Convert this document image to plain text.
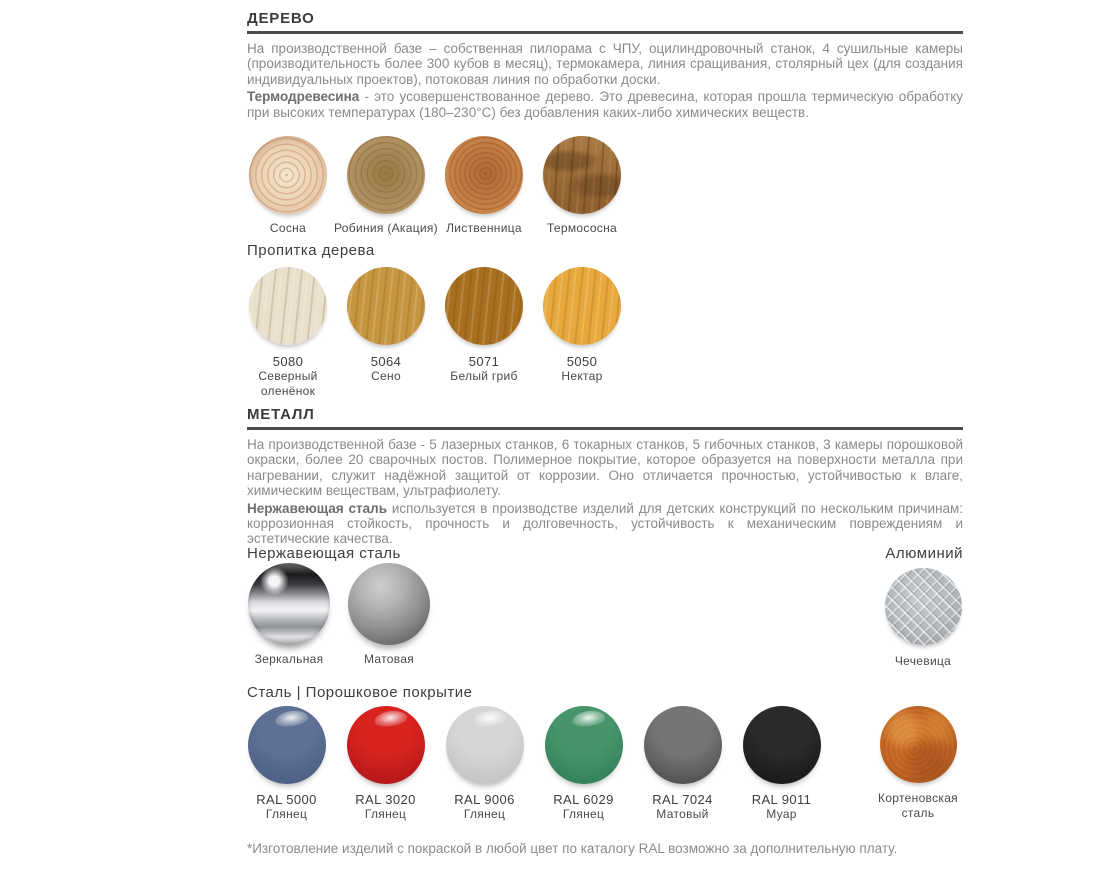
ДЕРЕВО

На производственной базе – собственная пилорама с ЧПУ, оцилиндровочный станок, 4 сушильные камеры (производительность более 300 кубов в месяц), термокамера, линия сращивания, столярный цех (для создания индивидуальных проектов), потоковая линия по обработки доски.

Термодревесина - это усовершенствованное дерево. Это древесина, которая прошла термическую обработку при высоких температурах (180–230°С) без добавления каких-либо химических веществ.

Сосна Робиния (Акация) Лиственница Термососна
Пропитка дерева
5080
Северный оленёнок
5064
Сено
5071
Белый гриб
5050
Нектар
МЕТАЛЛ

На производственной базе - 5 лазерных станков, 6 токарных станков, 5 гибочных станков, 3 камеры порошковой окраски, более 20 сварочных постов. Полимерное покрытие, которое образуется на поверхности металла при нагревании, служит надёжной защитой от коррозии. Оно отличается прочностью, устойчивостью к влаге, химическим веществам, ультрафиолету.

Нержавеющая сталь используется в производстве изделий для детских конструкций по нескольким причинам: коррозионная стойкость, прочность и долговечность, устойчивость к механическим повреждениям и эстетические качества.

Нержавеющая сталь	Алюминий
Зеркальная	Матовая	Чечевица
Сталь | Порошковое покрытие
RAL 5000
Глянец
RAL 3020
Глянец
RAL 9006
Глянец
RAL 6029
Глянец
RAL 7024
Матовый
RAL 9011
Муар
Кортеновская сталь
*Изготовление изделий с покраской в любой цвет по каталогу RAL возможно за дополнительную плату.
